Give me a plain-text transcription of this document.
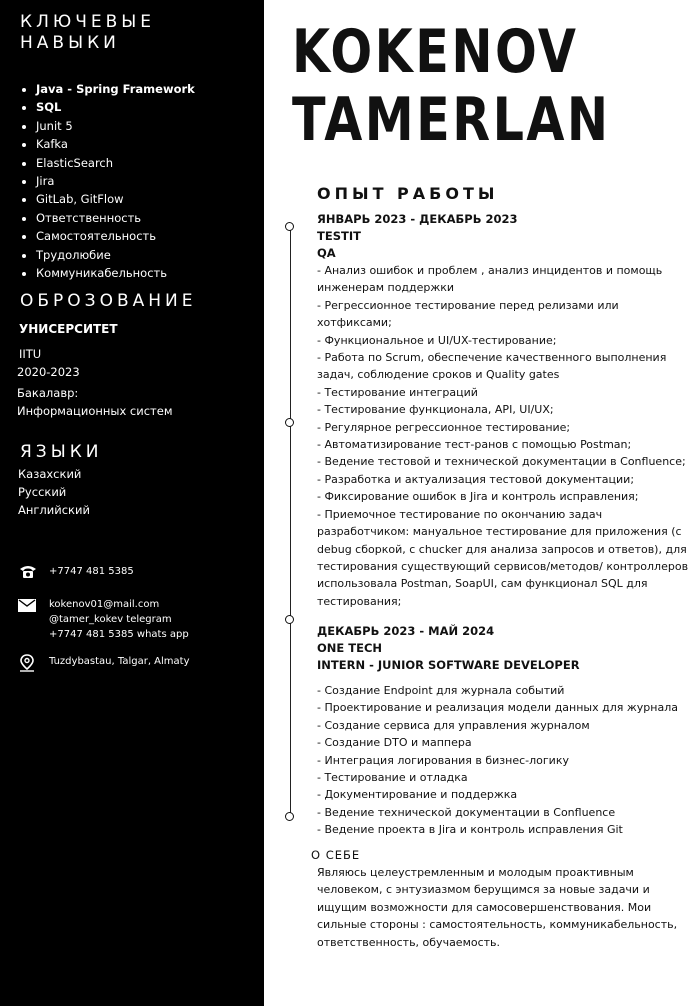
КЛЮЧЕВЫЕ НАВЫКИ
• Java - Spring Framework
• SQL
• Junit 5
• Kafka
• ElasticSearch
• Jira
• GitLab, GitFlow
• Ответственность
• Самостоятельность
• Трудолюбие
• Коммуникабельность
ОБРОЗОВАНИЕ

УНИСЕРСИТЕТ

IITU

2020-2023

Бакалавр:

Информационных систем

ЯЗЫКИ

Казахский

Русский

Английский

+7747 481 5385
kokenov01@mail.com
@tamer_kokev telegram
+7747 481 5385 whats app
Tuzdybastau, Talgar, Almaty
KOKENOV
TAMERLAN
ОПЫТ РАБОТЫ

ЯНВАРЬ 2023 - ДЕКАБРЬ 2023

TESTIT

QA

- Анализ ошибок и проблем , анализ инцидентов и помощь инженерам поддержки
- Регрессионное тестирование перед релизами или хотфиксами;
- Функциональное и UI/UX-тестирование;
- Работа по Scrum, обеспечение качественного выполнения задач, соблюдение сроков и Quality gates
- Тестирование интеграций
- Тестирование функционала, API, UI/UX;
- Регулярное регрессионное тестирование;
- Автоматизирование тест-ранов с помощью Postman;
- Ведение тестовой и технической документации в Confluence;
- Разработка и актуализация тестовой документации;
- Фиксирование ошибок в Jira и контроль исправления;
- Приемочное тестирование по окончанию задач разработчиком: мануальное тестирование для приложения (с debug сборкой, с chucker для анализа запросов и ответов), для тестирования существующий сервисов/методов/ контроллеров использовала Postman, SoapUI, сам функционал SQL для тестирования;

ДЕКАБРЬ 2023 - МАЙ 2024

ONE TECH

INTERN - JUNIOR SOFTWARE DEVELOPER

- Создание Endpoint для журнала событий
- Проектирование и реализация модели данных для журнала
- Создание сервиса для управления журналом
- Создание DTO и маппера
- Интеграция логирования в бизнес-логику
- Тестирование и отладка
- Документирование и поддержка
- Ведение технической документации в Confluence
- Ведение проекта в Jira и контроль исправления Git

О СЕБЕ

Являюсь целеустремленным и молодым проактивным человеком, с энтузиазмом берущимся за новые задачи и ищущим возможности для самосовершенствования. Мои сильные стороны : самостоятельность, коммуникабельность, ответственность, обучаемость.
